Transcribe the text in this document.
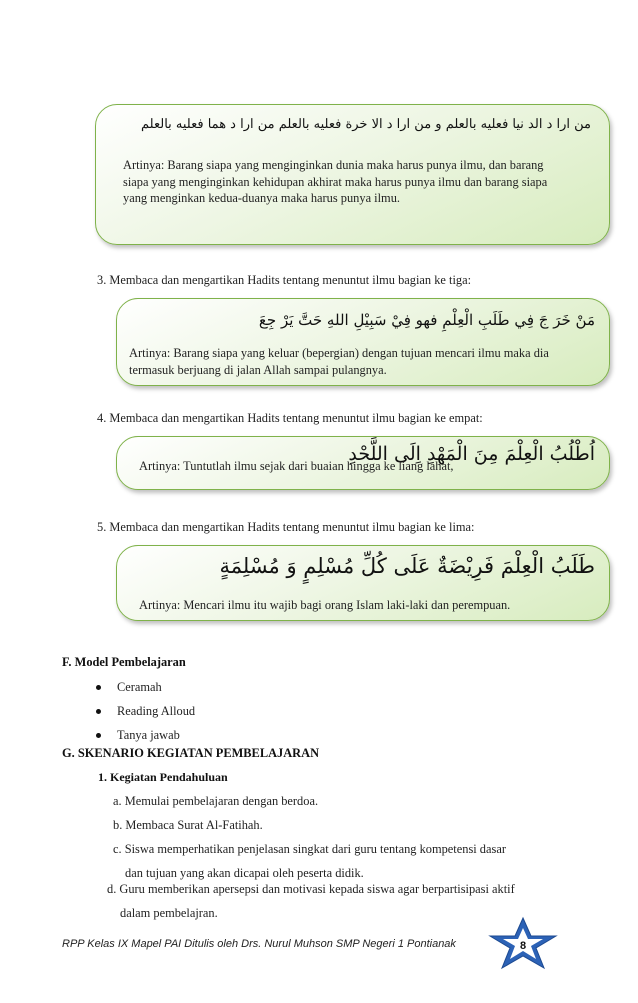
من ارا د الد نيا فعليه بالعلم و من ارا د الا خرة فعليه بالعلم من ارا د هما فعليه بالعلم
Artinya: Barang siapa yang menginginkan dunia maka harus punya ilmu, dan barang siapa yang menginginkan kehidupan akhirat maka harus punya ilmu dan barang siapa yang menginkan kedua-duanya maka harus punya ilmu.
3. Membaca dan mengartikan Hadits tentang menuntut ilmu bagian ke tiga:
مَنْ خَرَ جَ فِي طَلَبِ الْعِلْمِ فهو فِيْ سَبِيْلِ اللهِ حَتَّ يَرْ جِعَ
Artinya: Barang siapa yang keluar (bepergian) dengan tujuan mencari ilmu maka dia termasuk berjuang di jalan Allah sampai pulangnya.
4. Membaca dan mengartikan Hadits tentang menuntut ilmu bagian ke empat:
اُطْلُبُ الْعِلْمَ مِنَ الْمَهْدِ اِلَى اللَّحْدِ
Artinya: Tuntutlah ilmu sejak dari buaian hingga ke liang lahat,
5. Membaca dan mengartikan Hadits tentang menuntut ilmu bagian ke lima:
طَلَبُ الْعِلْمَ فَرِيْضَةٌ عَلَى كُلِّ مُسْلِمٍ وَ مُسْلِمَةٍ
Artinya: Mencari ilmu itu wajib bagi orang Islam laki-laki dan perempuan.
F. Model Pembelajaran
Ceramah
Reading Alloud
Tanya jawab
G. SKENARIO KEGIATAN PEMBELAJARAN
1. Kegiatan Pendahuluan
a. Memulai pembelajaran dengan berdoa.
b. Membaca Surat Al-Fatihah.
c. Siswa memperhatikan penjelasan singkat dari guru tentang kompetensi dasar
dan tujuan yang akan dicapai oleh peserta didik.
d. Guru memberikan apersepsi dan motivasi kepada siswa agar berpartisipasi aktif
dalam pembelajran.
RPP Kelas IX Mapel PAI Ditulis oleh Drs. Nurul Muhson SMP Negeri 1 Pontianak	8
